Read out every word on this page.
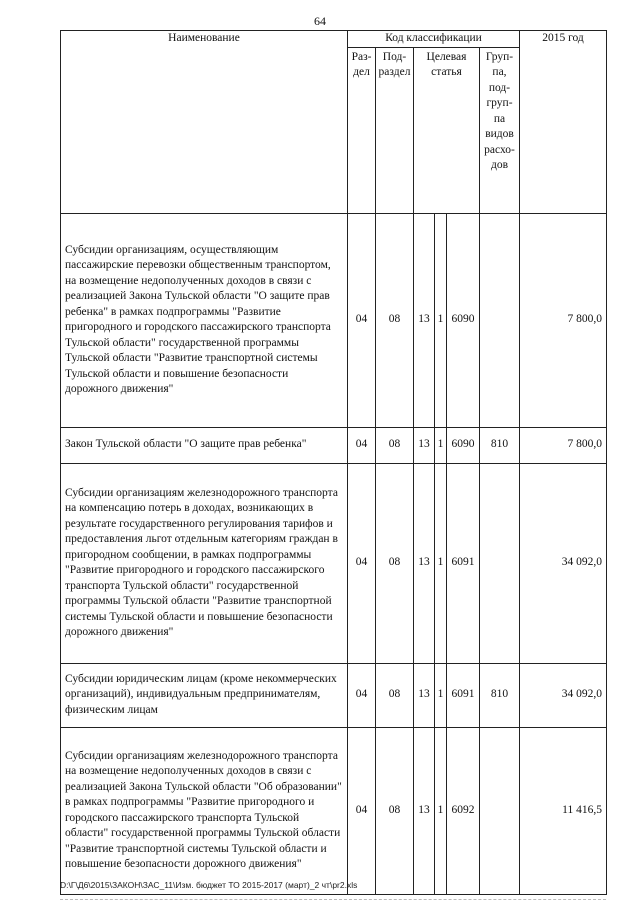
64
Наименование	Код классификации						2015 год
	Раз-дел	Под-раздел	Целевая статья			Груп-па, под-груп-па видов расхо-дов	
Субсидии организациям, осуществляющим пассажирские перевозки общественным транспортом, на возмещение недополученных доходов в связи с реализацией Закона Тульской области "О защите прав ребенка" в рамках подпрограммы "Развитие пригородного и городского пассажирского транспорта Тульской области" государственной программы Тульской области "Развитие транспортной системы Тульской области и повышение безопасности дорожного движения"	04	08	13	1	6090		7 800,0
Закон Тульской области "О защите прав ребенка"	04	08	13	1	6090	810	7 800,0
Субсидии организациям железнодорожного транспорта на компенсацию потерь в доходах, возникающих в результате государственного регулирования тарифов и предоставления льгот отдельным категориям граждан в пригородном сообщении, в рамках подпрограммы "Развитие пригородного и городского пассажирского транспорта Тульской области" государственной программы Тульской области "Развитие транспортной системы Тульской области и повышение безопасности дорожного движения"	04	08	13	1	6091		34 092,0
Субсидии юридическим лицам (кроме некоммерческих организаций), индивидуальным предпринимателям, физическим лицам	04	08	13	1	6091	810	34 092,0
Субсидии организациям железнодорожного транспорта на возмещение недополученных доходов в связи с реализацией Закона Тульской области "Об образовании" в рамках подпрограммы "Развитие пригородного и городского пассажирского транспорта Тульской области" государственной программы Тульской области "Развитие транспортной системы Тульской области и повышение безопасности дорожного движения"	04	08	13	1	6092		11 416,5
D:\Г\Д6\2015\ЗАКОН\ЗАС_11\Изм. бюджет ТО 2015-2017 (март)_2 чт\pr2.xls
